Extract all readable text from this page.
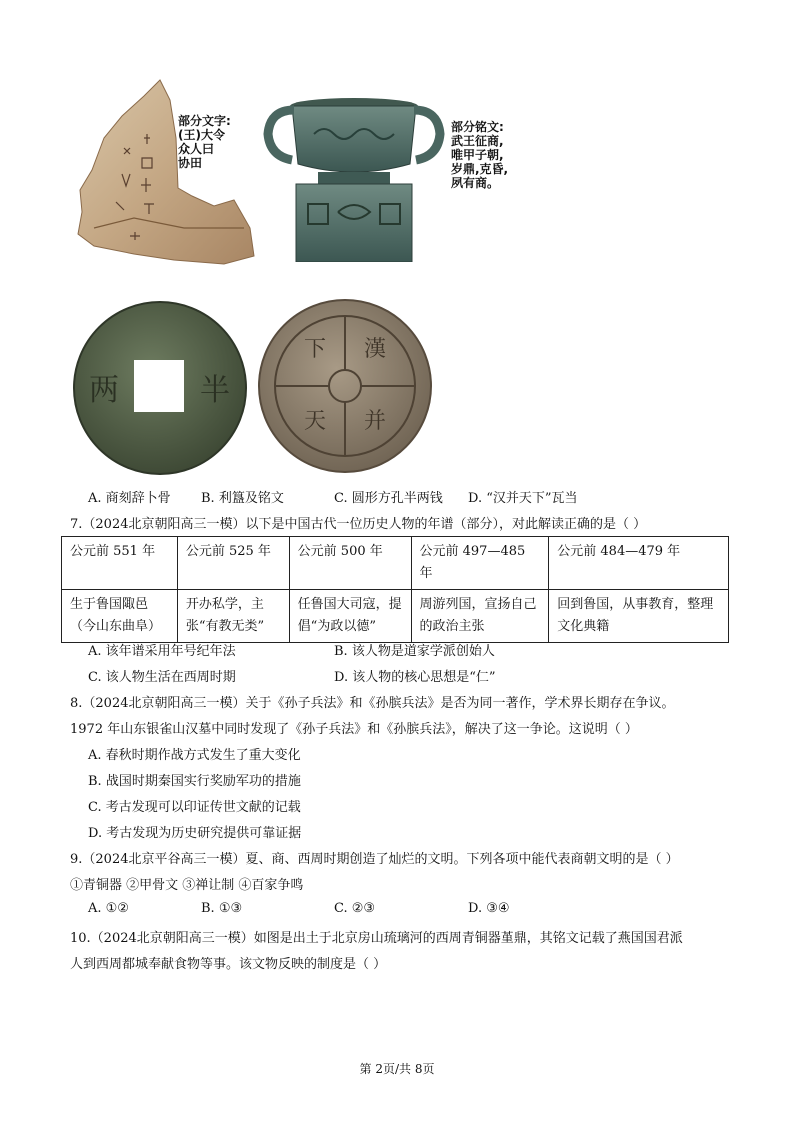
部分文字:
(王)大令
众人曰
协田
部分铭文:
武王征商,
唯甲子朝,
岁鼎,克昏,
夙有商。
两	半
漢
并
天
下
A. 商刻辞卜骨 B. 利簋及铭文	C. 圆形方孔半两钱 D. “汉并天下”瓦当
7.（2024北京朝阳高三一模）以下是中国古代一位历史人物的年谱（部分），对此解读正确的是（ ）
公元前 551 年	公元前 525 年	公元前 500 年	公元前 497—485 年	公元前 484—479 年
生于鲁国陬邑（今山东曲阜）	开办私学，主张“有教无类”	任鲁国大司寇，提倡“为政以德”	周游列国，宣扬自己的政治主张	回到鲁国，从事教育，整理文化典籍
A. 该年谱采用年号纪年法	B. 该人物是道家学派创始人
C. 该人物生活在西周时期	D. 该人物的核心思想是“仁”
8.（2024北京朝阳高三一模）关于《孙子兵法》和《孙膑兵法》是否为同一著作，学术界长期存在争议。
1972 年山东银雀山汉墓中同时发现了《孙子兵法》和《孙膑兵法》，解决了这一争论。这说明（ ）
A. 春秋时期作战方式发生了重大变化
B. 战国时期秦国实行奖励军功的措施
C. 考古发现可以印证传世文献的记载
D. 考古发现为历史研究提供可靠证据
9.（2024北京平谷高三一模）夏、商、西周时期创造了灿烂的文明。下列各项中能代表商朝文明的是（ ）
①青铜器 ②甲骨文 ③禅让制 ④百家争鸣
A. ①②	B. ①③	C. ②③	D. ③④
10.（2024北京朝阳高三一模）如图是出土于北京房山琉璃河的西周青铜器堇鼎，其铭文记载了燕国国君派
人到西周都城奉献食物等事。该文物反映的制度是（ ）
第 2页/共 8页
